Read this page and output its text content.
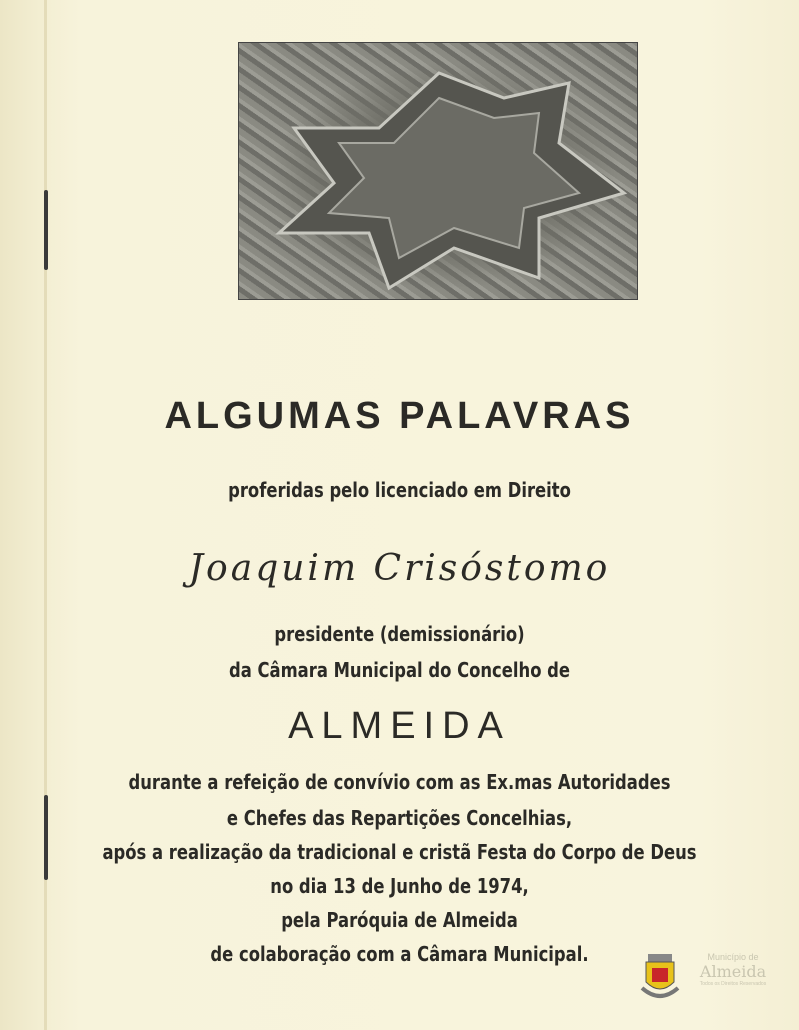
ALGUMAS PALAVRAS
proferidas pelo licenciado em Direito
Joaquim Crisóstomo
presidente (demissionário)
da Câmara Municipal do Concelho de
ALMEIDA
durante a refeição de convívio com as Ex.mas Autoridades
e Chefes das Repartições Concelhias,
após a realização da tradicional e cristã Festa do Corpo de Deus
no dia 13 de Junho de 1974,
pela Paróquia de Almeida
de colaboração com a Câmara Municipal.	Município de
Almeida
Todos os Direitos Reservados
